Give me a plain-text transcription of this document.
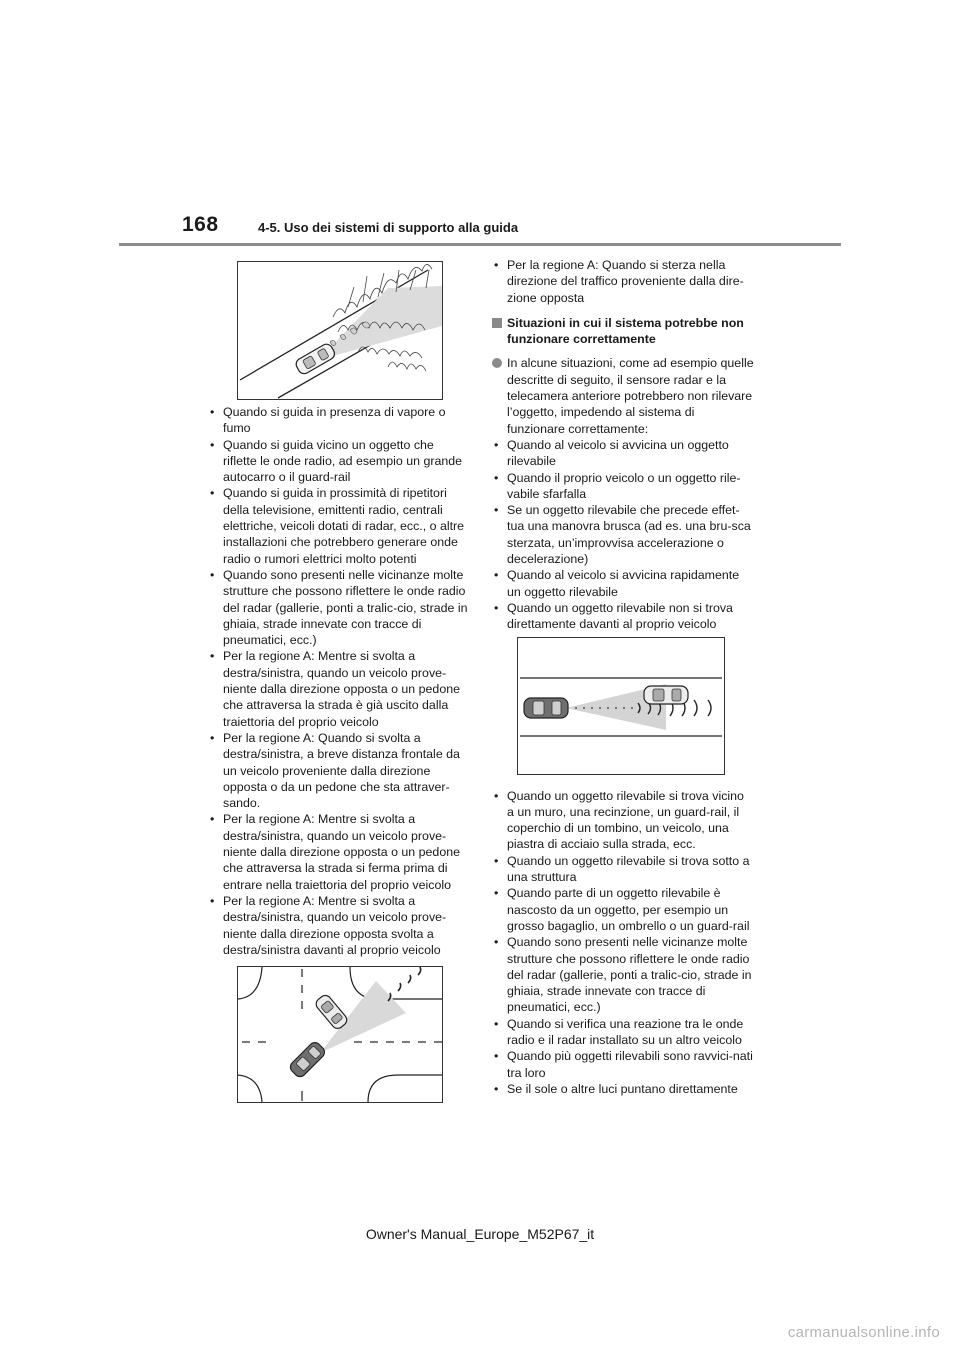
168	4-5. Uso dei sistemi di supporto alla guida
• Quando si guida in presenza di vapore o fumo
• Quando si guida vicino un oggetto che riflette le onde radio, ad esempio un grande autocarro o il guard-rail
• Quando si guida in prossimità di ripetitori della televisione, emittenti radio, centrali elettriche, veicoli dotati di radar, ecc., o altre installazioni che potrebbero generare onde radio o rumori elettrici molto potenti
• Quando sono presenti nelle vicinanze molte strutture che possono riflettere le onde radio del radar (gallerie, ponti a tralic-cio, strade in ghiaia, strade innevate con tracce di pneumatici, ecc.)
• Per la regione A: Mentre si svolta a destra/sinistra, quando un veicolo prove-niente dalla direzione opposta o un pedone che attraversa la strada è già uscito dalla traiettoria del proprio veicolo
• Per la regione A: Quando si svolta a destra/sinistra, a breve distanza frontale da un veicolo proveniente dalla direzione opposta o da un pedone che sta attraver-sando.
• Per la regione A: Mentre si svolta a destra/sinistra, quando un veicolo prove-niente dalla direzione opposta o un pedone che attraversa la strada si ferma prima di entrare nella traiettoria del proprio veicolo
• Per la regione A: Mentre si svolta a destra/sinistra, quando un veicolo prove-niente dalla direzione opposta svolta a destra/sinistra davanti al proprio veicolo
• Per la regione A: Quando si sterza nella direzione del traffico proveniente dalla dire-zione opposta
Situazioni in cui il sistema potrebbe non funzionare correttamente
In alcune situazioni, come ad esempio quelle descritte di seguito, il sensore radar e la telecamera anteriore potrebbero non rilevare l’oggetto, impedendo al sistema di funzionare correttamente:
• Quando al veicolo si avvicina un oggetto rilevabile
• Quando il proprio veicolo o un oggetto rile-vabile sfarfalla
• Se un oggetto rilevabile che precede effet-tua una manovra brusca (ad es. una bru-sca sterzata, un’improvvisa accelerazione o decelerazione)
• Quando al veicolo si avvicina rapidamente un oggetto rilevabile
• Quando un oggetto rilevabile non si trova direttamente davanti al proprio veicolo
• Quando un oggetto rilevabile si trova vicino a un muro, una recinzione, un guard-rail, il coperchio di un tombino, un veicolo, una piastra di acciaio sulla strada, ecc.
• Quando un oggetto rilevabile si trova sotto a una struttura
• Quando parte di un oggetto rilevabile è nascosto da un oggetto, per esempio un grosso bagaglio, un ombrello o un guard-rail
• Quando sono presenti nelle vicinanze molte strutture che possono riflettere le onde radio del radar (gallerie, ponti a tralic-cio, strade in ghiaia, strade innevate con tracce di pneumatici, ecc.)
• Quando si verifica una reazione tra le onde radio e il radar installato su un altro veicolo
• Quando più oggetti rilevabili sono ravvici-nati tra loro
• Se il sole o altre luci puntano direttamente
Owner's Manual_Europe_M52P67_it
carmanualsonline.info
